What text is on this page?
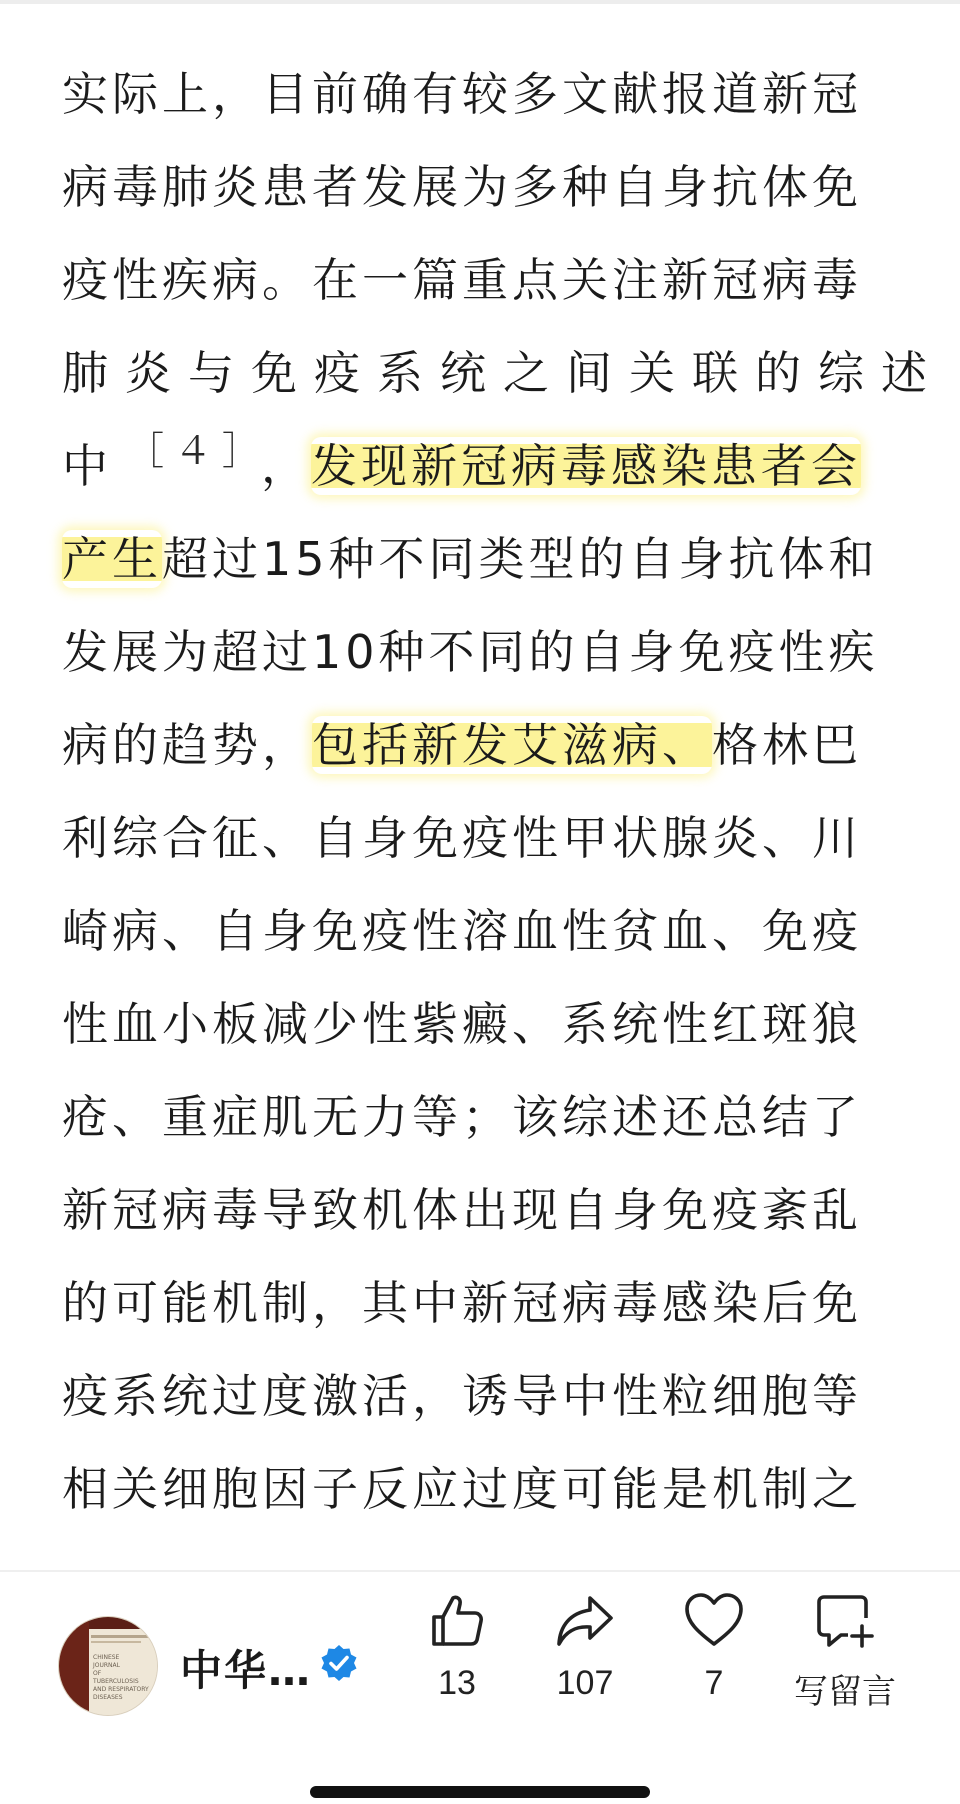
实际上，目前确有较多文献报道新冠
病毒肺炎患者发展为多种自身抗体免
疫性疾病。在一篇重点关注新冠病毒
肺炎与免疫系统之间关联的综述
中 $^{[4]}$ ，发现新冠病毒感染患者会
产生超过15种不同类型的自身抗体和
发展为超过10种不同的自身免疫性疾
病的趋势，包括新发艾滋病、格林巴
利综合征、自身免疫性甲状腺炎、川
崎病、自身免疫性溶血性贫血、免疫
性血小板减少性紫癜、系统性红斑狼
疮、重症肌无力等；该综述还总结了
新冠病毒导致机体出现自身免疫紊乱
的可能机制，其中新冠病毒感染后免
疫系统过度激活，诱导中性粒细胞等
相关细胞因子反应过度可能是机制之
CHINESE
JOURNAL
OF
TUBERCULOSIS
AND RESPIRATORY
DISEASES
中华…	13	107	7	写留言
